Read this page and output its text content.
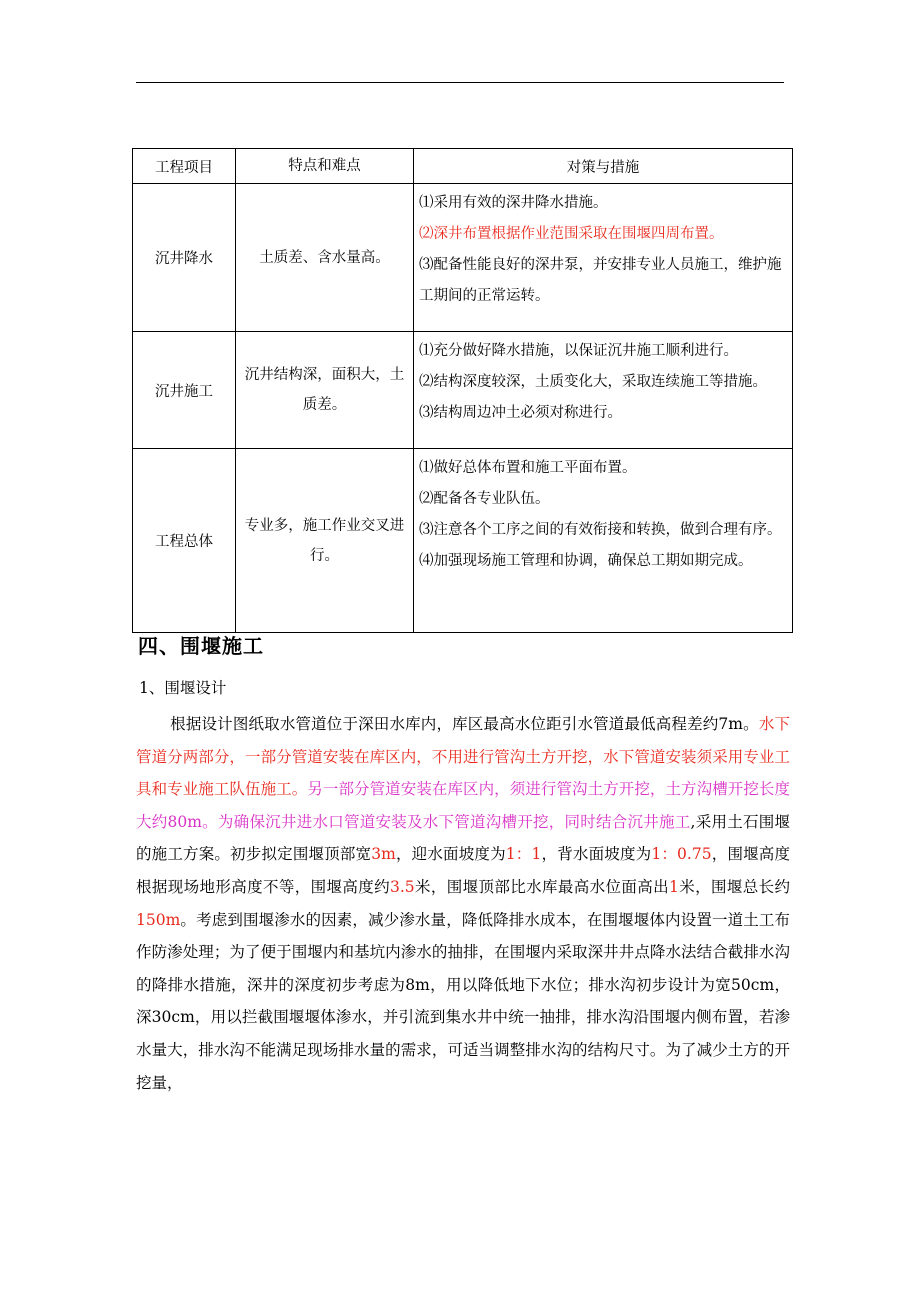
工程项目	特点和难点	对策与措施
沉井降水	土质差、含水量高。	⑴采用有效的深井降水措施。
⑵深井布置根据作业范围采取在围堰四周布置。
⑶配备性能良好的深井泵，并安排专业人员施工，维护施工期间的正常运转。

沉井施工	沉井结构深，面积大，土质差。	⑴充分做好降水措施，以保证沉井施工顺利进行。
⑵结构深度较深，土质变化大，采取连续施工等措施。
⑶结构周边冲土必须对称进行。

工程总体	专业多，施工作业交叉进行。	⑴做好总体布置和施工平面布置。
⑵配备各专业队伍。
⑶注意各个工序之间的有效衔接和转换，做到合理有序。
⑷加强现场施工管理和协调，确保总工期如期完成。
四、围堰施工
1、围堰设计
根据设计图纸取水管道位于深田水库内，库区最高水位距引水管道最低高程差约7m。水下管道分两部分，一部分管道安装在库区内，不用进行管沟土方开挖，水下管道安装须采用专业工具和专业施工队伍施工。另一部分管道安装在库区内，须进行管沟土方开挖，土方沟槽开挖长度大约80m。为确保沉井进水口管道安装及水下管道沟槽开挖，同时结合沉井施工,采用土石围堰的施工方案。初步拟定围堰顶部宽3m，迎水面坡度为1：1，背水面坡度为1：0.75，围堰高度根据现场地形高度不等，围堰高度约3.5米，围堰顶部比水库最高水位面高出1米，围堰总长约150m。考虑到围堰渗水的因素，减少渗水量，降低降排水成本，在围堰堰体内设置一道土工布作防渗处理；为了便于围堰内和基坑内渗水的抽排，在围堰内采取深井井点降水法结合截排水沟的降排水措施，深井的深度初步考虑为8m，用以降低地下水位；排水沟初步设计为宽50cm，深30cm，用以拦截围堰堰体渗水，并引流到集水井中统一抽排，排水沟沿围堰内侧布置，若渗水量大，排水沟不能满足现场排水量的需求，可适当调整排水沟的结构尺寸。为了减少土方的开挖量，
